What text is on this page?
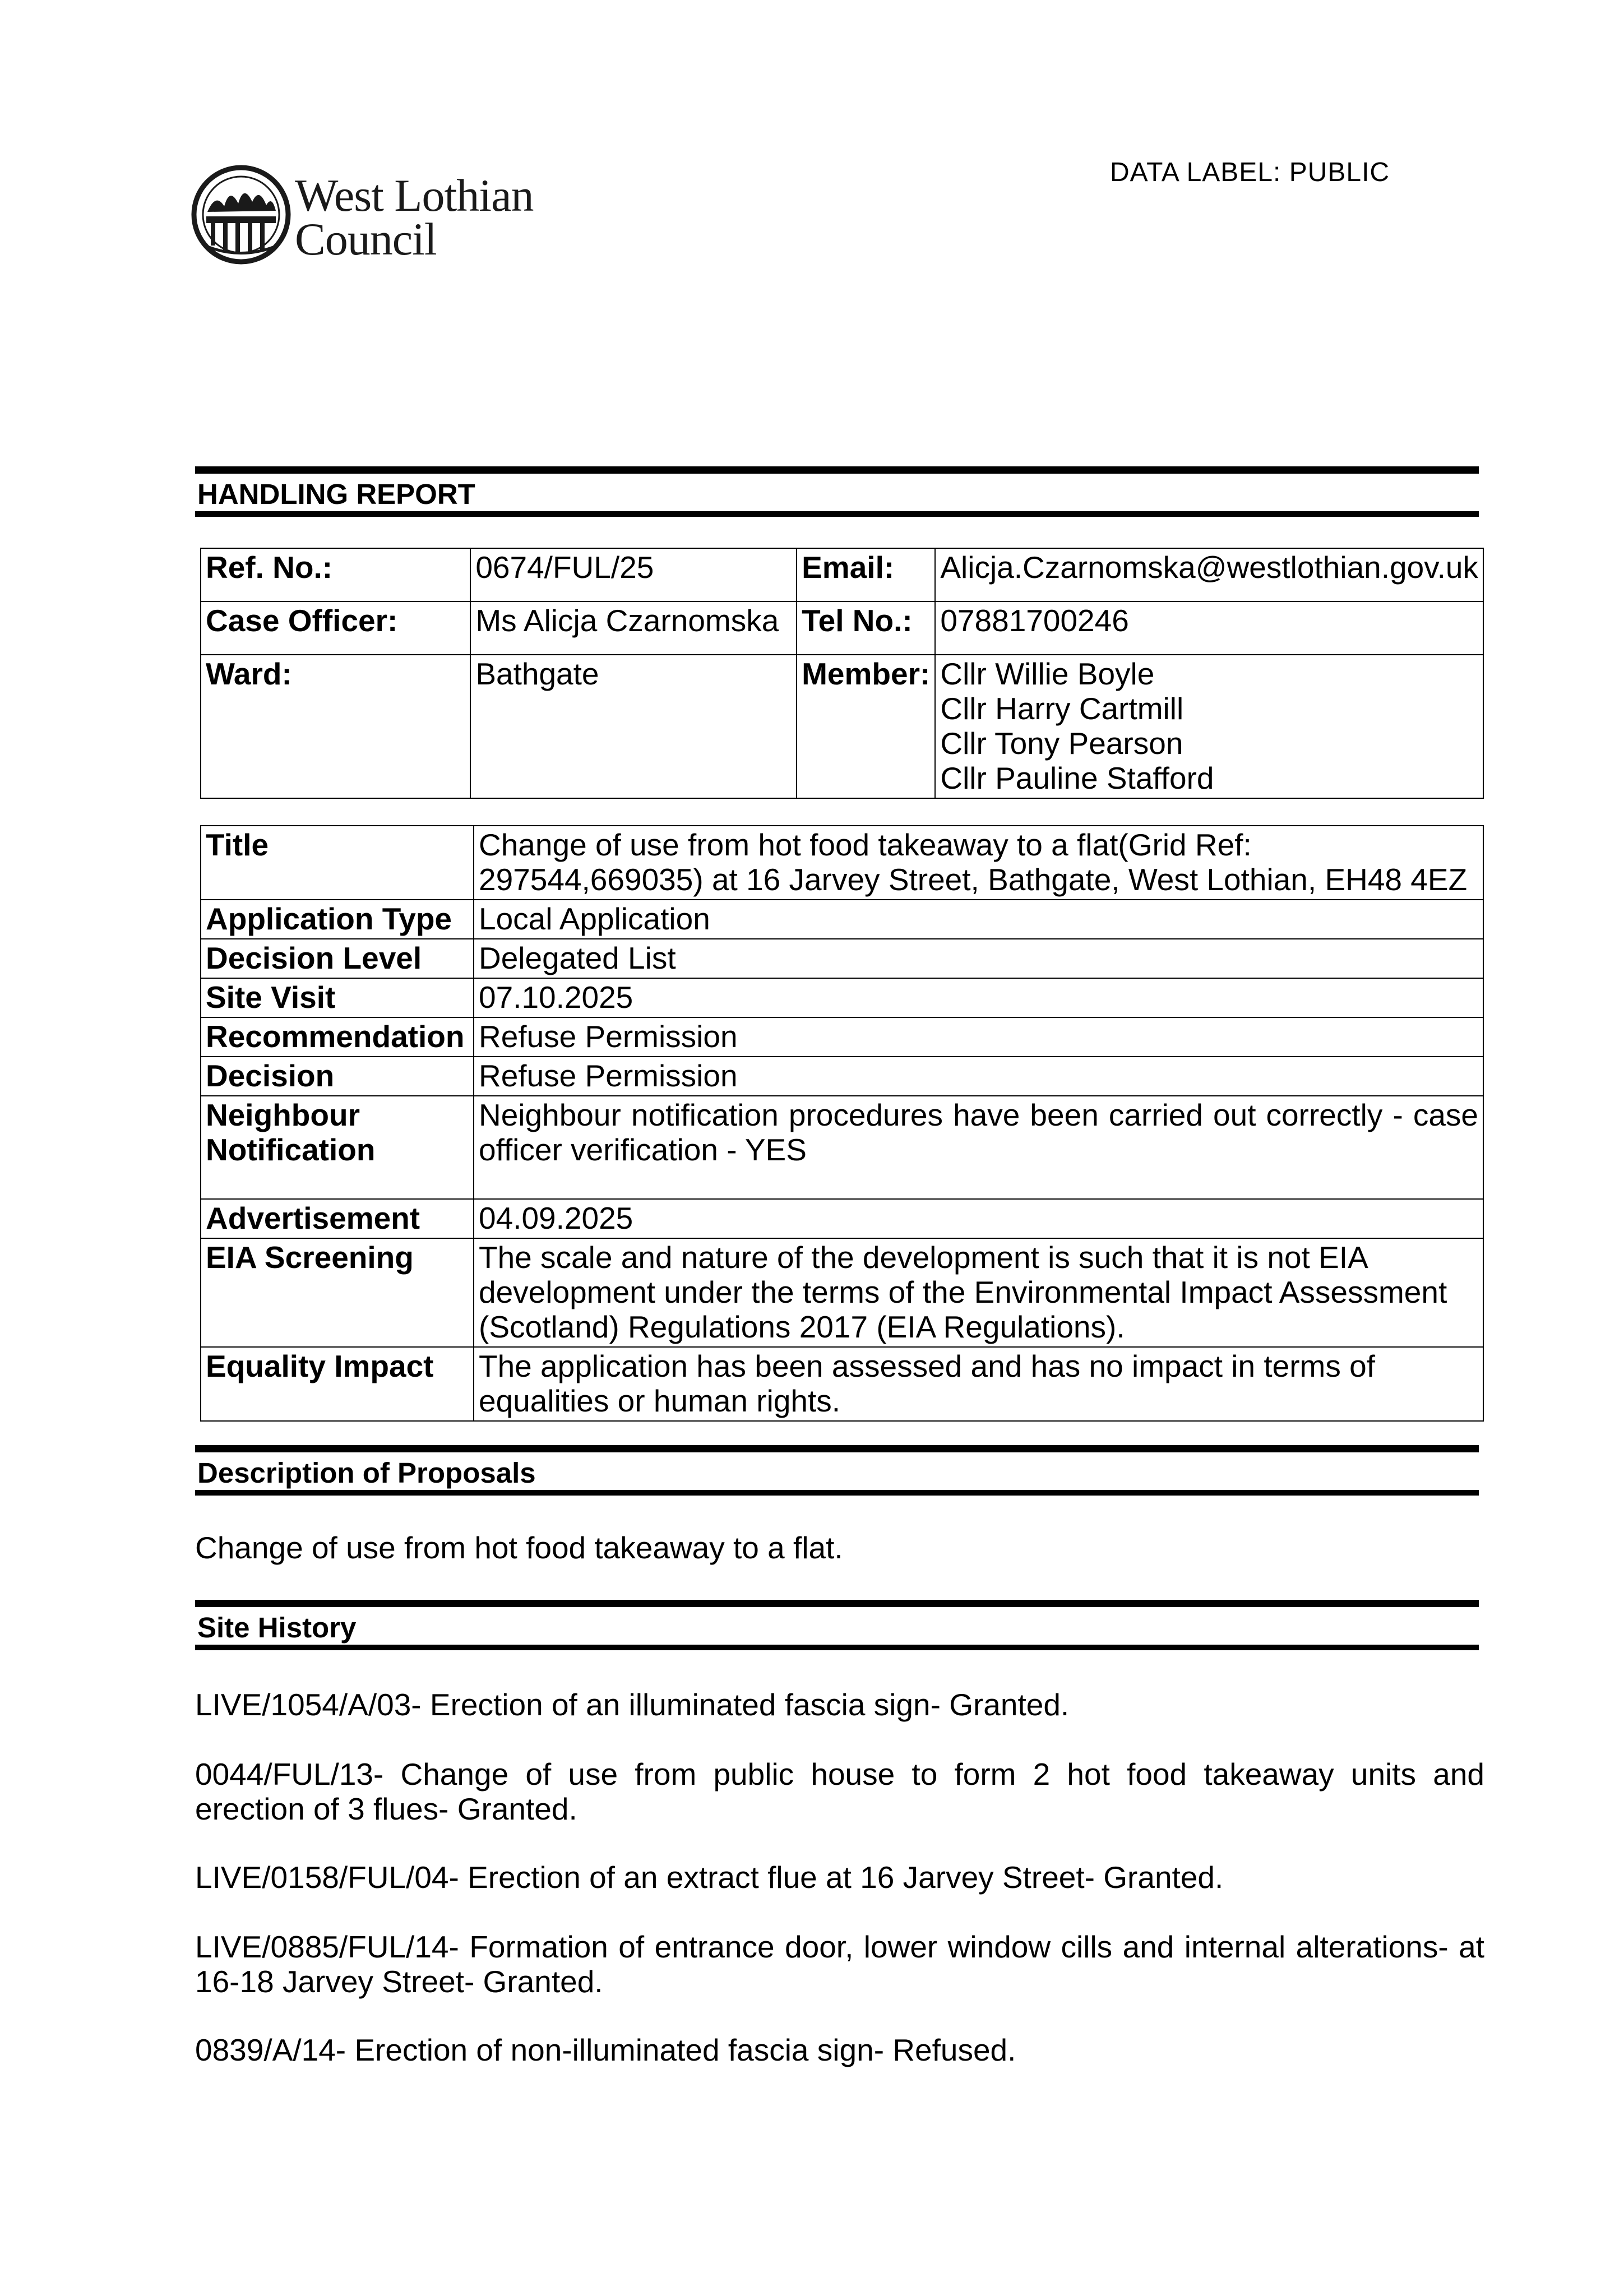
West Lothian
Council
DATA LABEL: PUBLIC
HANDLING REPORT
Ref. No.:	0674/FUL/25	Email:	Alicja.Czarnomska@westlothian.gov.uk
Case Officer:	Ms Alicja Czarnomska	Tel No.:	07881700246
Ward:	Bathgate	Member:	Cllr Willie Boyle
Cllr Harry Cartmill
Cllr Tony Pearson
Cllr Pauline Stafford
Title	Change of use from hot food takeaway to a flat(Grid Ref: 297544,669035) at 16 Jarvey Street, Bathgate, West Lothian, EH48 4EZ
Application Type	Local Application
Decision Level	Delegated List
Site Visit	07.10.2025
Recommendation	Refuse Permission
Decision	Refuse Permission
Neighbour Notification	Neighbour notification procedures have been carried out correctly - case officer verification - YES
Advertisement	04.09.2025
EIA Screening	The scale and nature of the development is such that it is not EIA development under the terms of the Environmental Impact Assessment (Scotland) Regulations 2017 (EIA Regulations).
Equality Impact	The application has been assessed and has no impact in terms of equalities or human rights.
Description of Proposals
Change of use from hot food takeaway to a flat.
Site History
LIVE/1054/A/03- Erection of an illuminated fascia sign- Granted.
0044/FUL/13- Change of use from public house to form 2 hot food takeaway units and erection of 3 flues- Granted.
LIVE/0158/FUL/04- Erection of an extract flue at 16 Jarvey Street- Granted.
LIVE/0885/FUL/14- Formation of entrance door, lower window cills and internal alterations- at 16-18 Jarvey Street- Granted.
0839/A/14- Erection of non-illuminated fascia sign- Refused.
